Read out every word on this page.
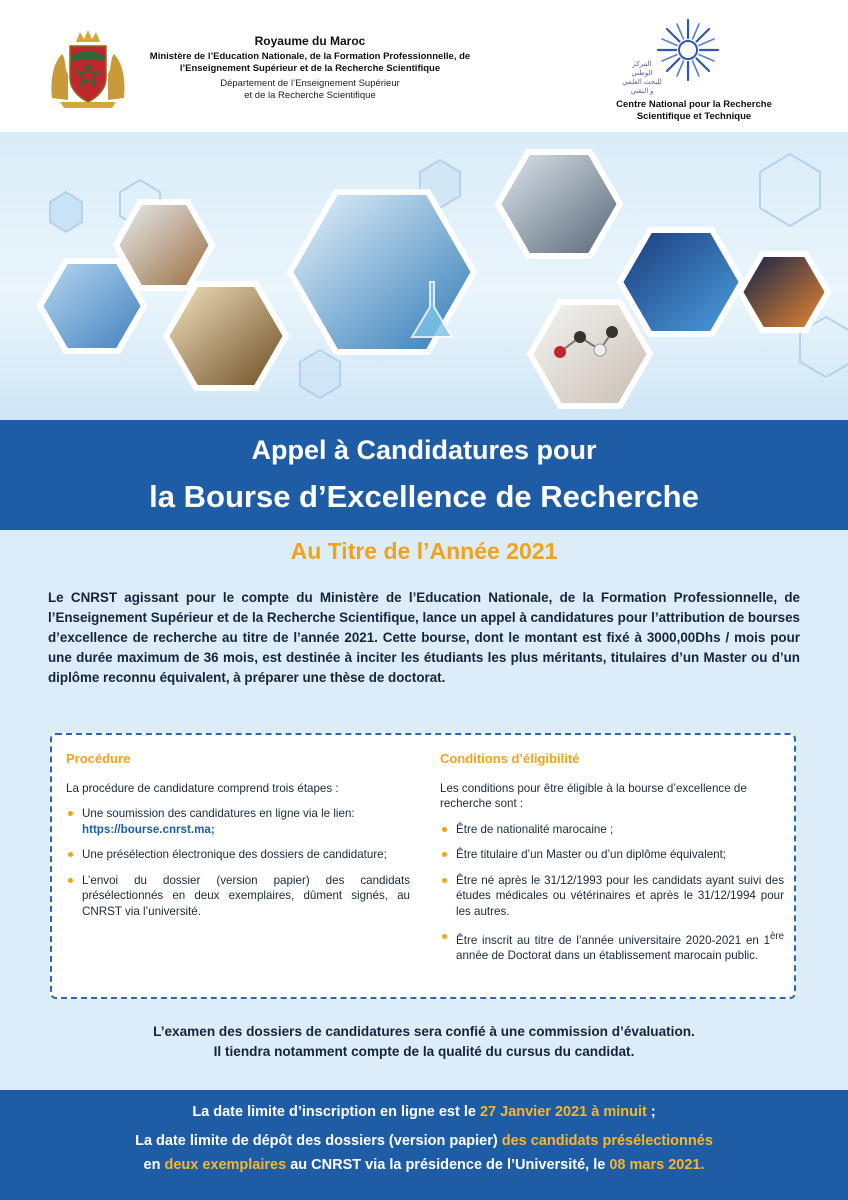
Royaume du Maroc
Ministère de l’Education Nationale, de la Formation Professionnelle, de l’Enseignement Supérieur et de la Recherche Scientifique
Département de l’Enseignement Supérieur
et de la Recherche Scientifique
المركز الوطني للبحث العلمي و التقني
Centre National pour la Recherche
Scientifique et Technique
Appel à Candidatures pour
la Bourse d’Excellence de Recherche
Au Titre de l’Année 2021
Le CNRST agissant pour le compte du Ministère de l’Education Nationale, de la Formation Professionnelle, de l’Enseignement Supérieur et de la Recherche Scientifique, lance un appel à candidatures pour l’attribution de bourses d’excellence de recherche au titre de l’année 2021. Cette bourse, dont le montant est fixé à 3000,00Dhs / mois pour une durée maximum de 36 mois, est destinée à inciter les étudiants les plus méritants, titulaires d’un Master ou d’un diplôme reconnu équivalent, à préparer une thèse de doctorat.
Procédure

La procédure de candidature comprend trois étapes :

Une soumission des candidatures en ligne via le lien:
https://bourse.cnrst.ma;
Une présélection électronique des dossiers de candidature;
L’envoi du dossier (version papier) des candidats présélectionnés en deux exemplaires, dûment signés, au CNRST via l’université.
Conditions d’éligibilité

Les conditions pour être éligible à la bourse d’excellence de recherche sont :

Être de nationalité marocaine ;
Être titulaire d’un Master ou d’un diplôme équivalent;
Être né après le 31/12/1993 pour les candidats ayant suivi des études médicales ou vétérinaires et après le 31/12/1994 pour les autres.
Être inscrit au titre de l’année universitaire 2020-2021 en 1ère année de Doctorat dans un établissement marocain public.
L’examen des dossiers de candidatures sera confié à une commission d’évaluation.
Il tiendra notamment compte de la qualité du cursus du candidat.
La date limite d’inscription en ligne est le 27 Janvier 2021 à minuit ;
La date limite de dépôt des dossiers (version papier) des candidats présélectionnés
en deux exemplaires au CNRST via la présidence de l’Université, le 08 mars 2021.
